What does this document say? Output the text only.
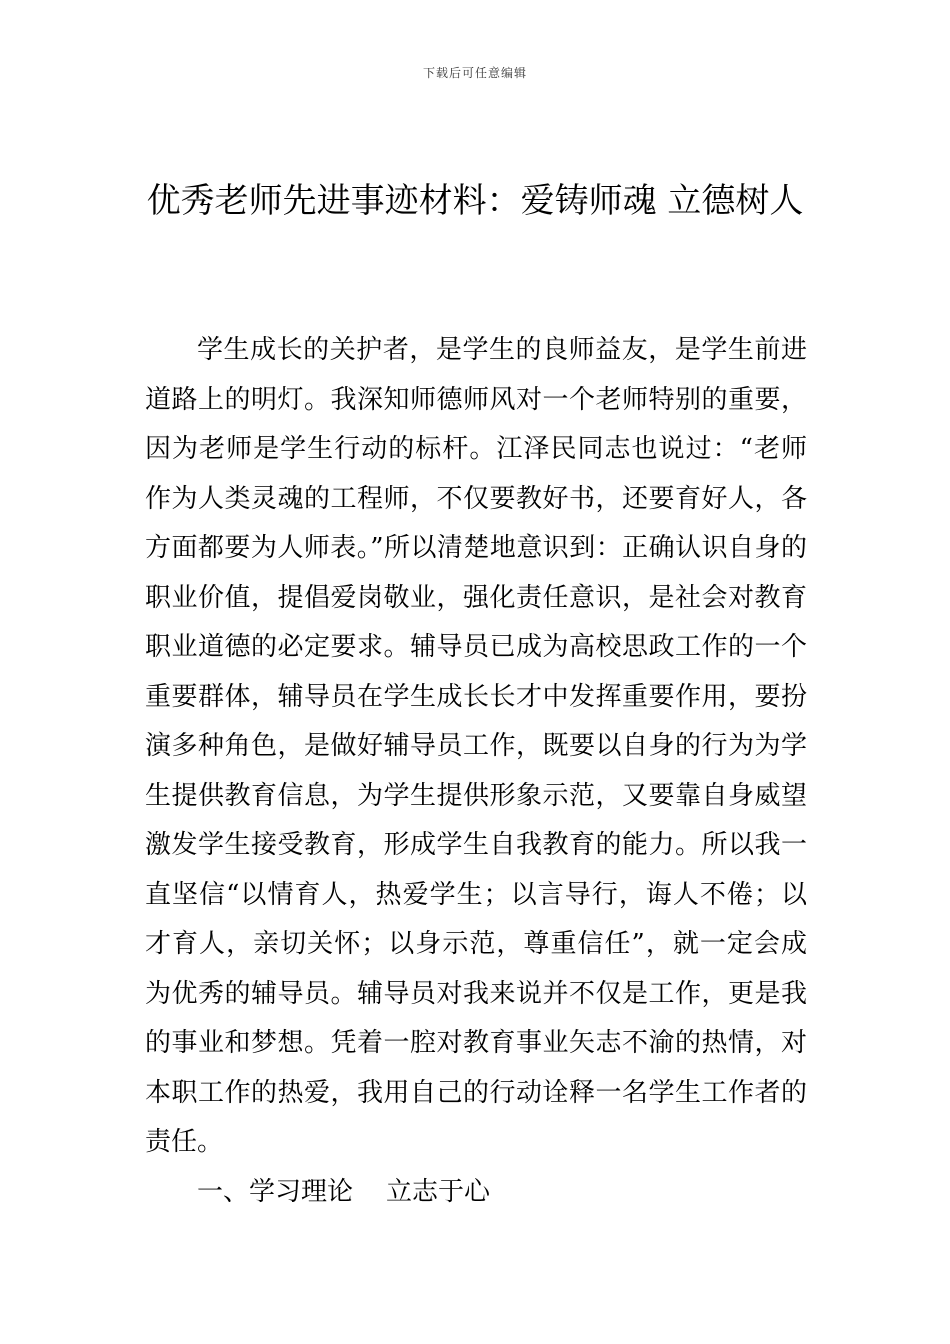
下载后可任意编辑
优秀老师先进事迹材料：爱铸师魂 立德树人

学生成长的关护者，是学生的良师益友，是学生前进道路上的明灯。我深知师德师风对一个老师特别的重要，因为老师是学生行动的标杆。江泽民同志也说过：“老师作为人类灵魂的工程师，不仅要教好书，还要育好人，各方面都要为人师表。”所以清楚地意识到：正确认识自身的职业价值，提倡爱岗敬业，强化责任意识，是社会对教育职业道德的必定要求。辅导员已成为高校思政工作的一个重要群体，辅导员在学生成长长才中发挥重要作用，要扮演多种角色，是做好辅导员工作，既要以自身的行为为学生提供教育信息，为学生提供形象示范，又要靠自身威望激发学生接受教育，形成学生自我教育的能力。所以我一直坚信“以情育人，热爱学生；以言导行，诲人不倦；以才育人，亲切关怀；以身示范，尊重信任”，就一定会成为优秀的辅导员。辅导员对我来说并不仅是工作，更是我的事业和梦想。凭着一腔对教育事业矢志不渝的热情，对本职工作的热爱，我用自己的行动诠释一名学生工作者的责任。

一、学习理论    立志于心
